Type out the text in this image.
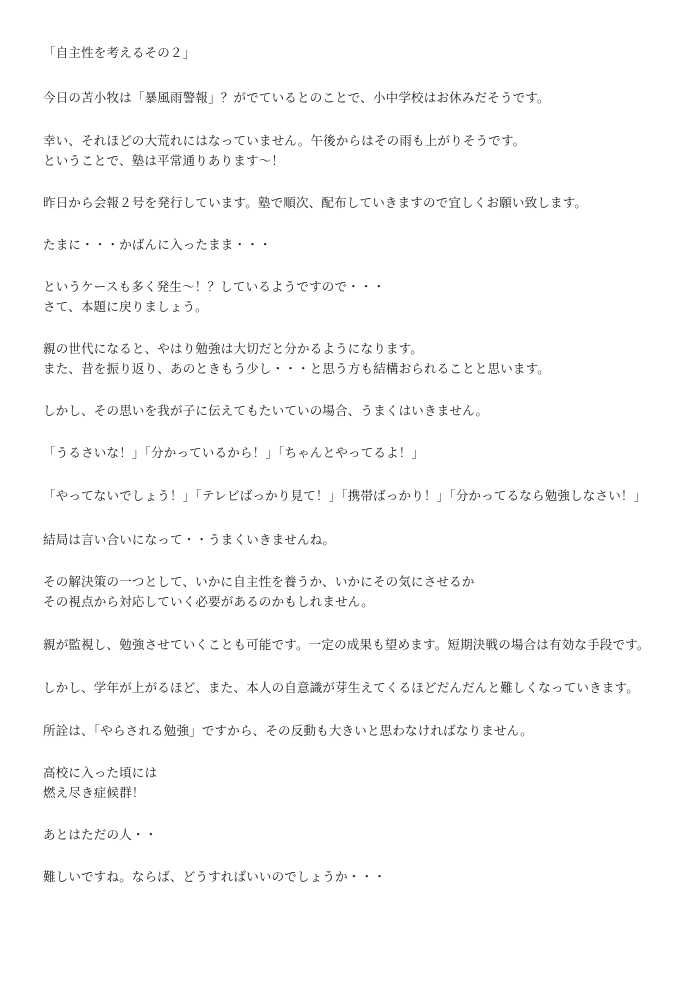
「自主性を考えるその２」
今日の苫小牧は「暴風雨警報」？がでているとのことで、小中学校はお休みだそうです。
幸い、それほどの大荒れにはなっていません。午後からはその雨も上がりそうです。
ということで、塾は平常通りあります～！
昨日から会報２号を発行しています。塾で順次、配布していきますので宜しくお願い致します。
たまに・・・かばんに入ったまま・・・
というケースも多く発生～！？しているようですので・・・
さて、本題に戻りましょう。
親の世代になると、やはり勉強は大切だと分かるようになります。
また、昔を振り返り、あのときもう少し・・・と思う方も結構おられることと思います。
しかし、その思いを我が子に伝えてもたいていの場合、うまくはいきません。
「うるさいな！」「分かっているから！」「ちゃんとやってるよ！」
「やってないでしょう！」「テレビばっかり見て！」「携帯ばっかり！」「分かってるなら勉強しなさい！」
結局は言い合いになって・・うまくいきませんね。
その解決策の一つとして、いかに自主性を養うか、いかにその気にさせるか
その視点から対応していく必要があるのかもしれません。
親が監視し、勉強させていくことも可能です。一定の成果も望めます。短期決戦の場合は有効な手段です。
しかし、学年が上がるほど、また、本人の自意識が芽生えてくるほどだんだんと難しくなっていきます。
所詮は、「やらされる勉強」ですから、その反動も大きいと思わなければなりません。
高校に入った頃には
燃え尽き症候群！
あとはただの人・・
難しいですね。ならば、どうすればいいのでしょうか・・・
